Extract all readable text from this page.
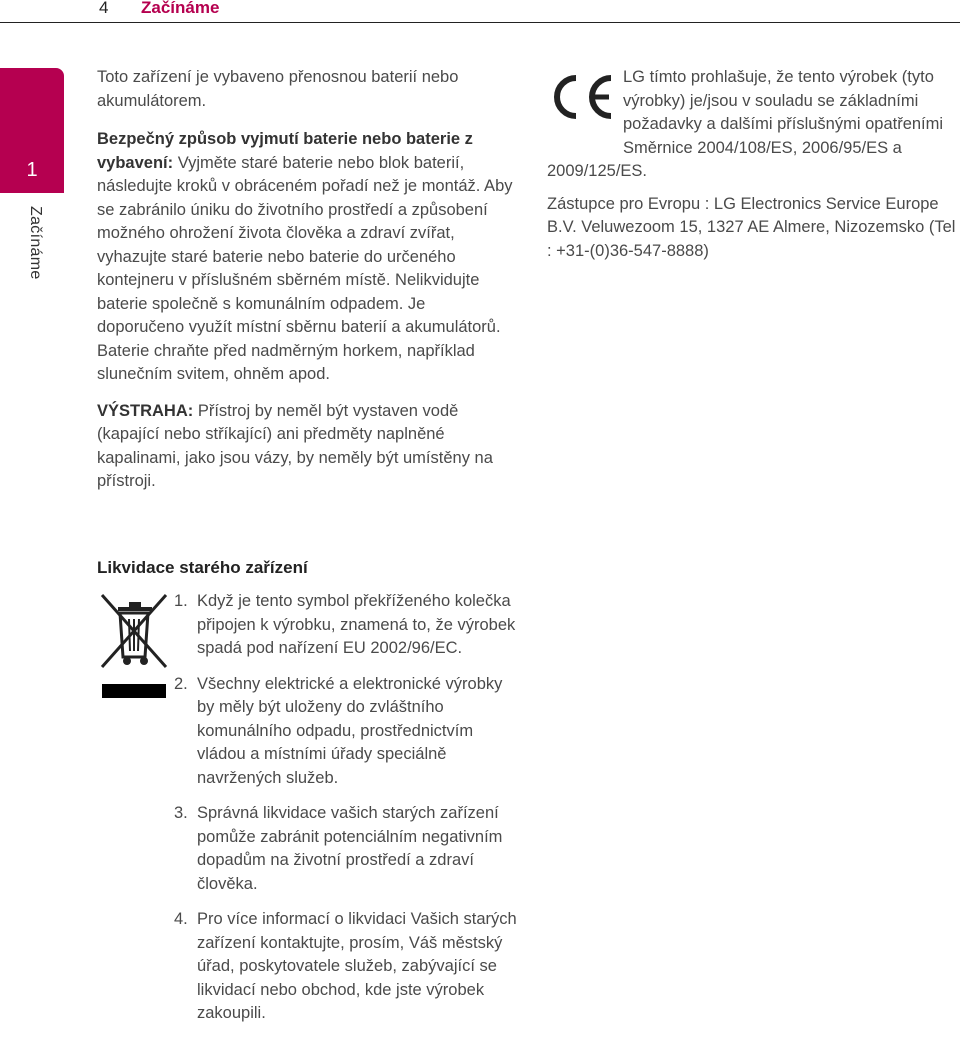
4 Začínáme
1
Začínáme

Toto zařízení je vybaveno přenosnou baterií nebo akumulátorem.

Bezpečný způsob vyjmutí baterie nebo baterie z vybavení: Vyjměte staré baterie nebo blok baterií, následujte kroků v obráceném pořadí než je montáž. Aby se zabránilo úniku do životního prostředí a způsobení možného ohrožení života člověka a zdraví zvířat, vyhazujte staré baterie nebo baterie do určeného kontejneru v příslušném sběrném místě. Nelikvidujte baterie společně s komunálním odpadem. Je doporučeno využít místní sběrnu baterií a akumulátorů. Baterie chraňte před nadměrným horkem, například slunečním svitem, ohněm apod.

VÝSTRAHA: Přístroj by neměl být vystaven vodě (kapající nebo stříkající) ani předměty naplněné kapalinami, jako jsou vázy, by neměly být umístěny na přístroji.

LG tímto prohlašuje, že tento výrobek (tyto výrobky) je/jsou v souladu se základními požadavky a dalšími příslušnými opatřeními Směrnice 2004/108/ES, 2006/95/ES a 2009/125/ES.

Zástupce pro Evropu : LG Electronics Service Europe B.V. Veluwezoom 15, 1327 AE Almere, Nizozemsko (Tel : +31-(0)36-547-8888)

Likvidace starého zařízení
1. Když je tento symbol překříženého kolečka připojen k výrobku, znamená to, že výrobek spadá pod nařízení EU 2002/96/EC.
2. Všechny elektrické a elektronické výrobky by měly být uloženy do zvláštního komunálního odpadu, prostřednictvím vládou a místními úřady speciálně navržených služeb.
3. Správná likvidace vašich starých zařízení pomůže zabránit potenciálním negativním dopadům na životní prostředí a zdraví člověka.
4. Pro více informací o likvidaci Vašich starých zařízení kontaktujte, prosím, Váš městský úřad, poskytovatele služeb, zabývající se likvidací nebo obchod, kde jste výrobek zakoupili.
